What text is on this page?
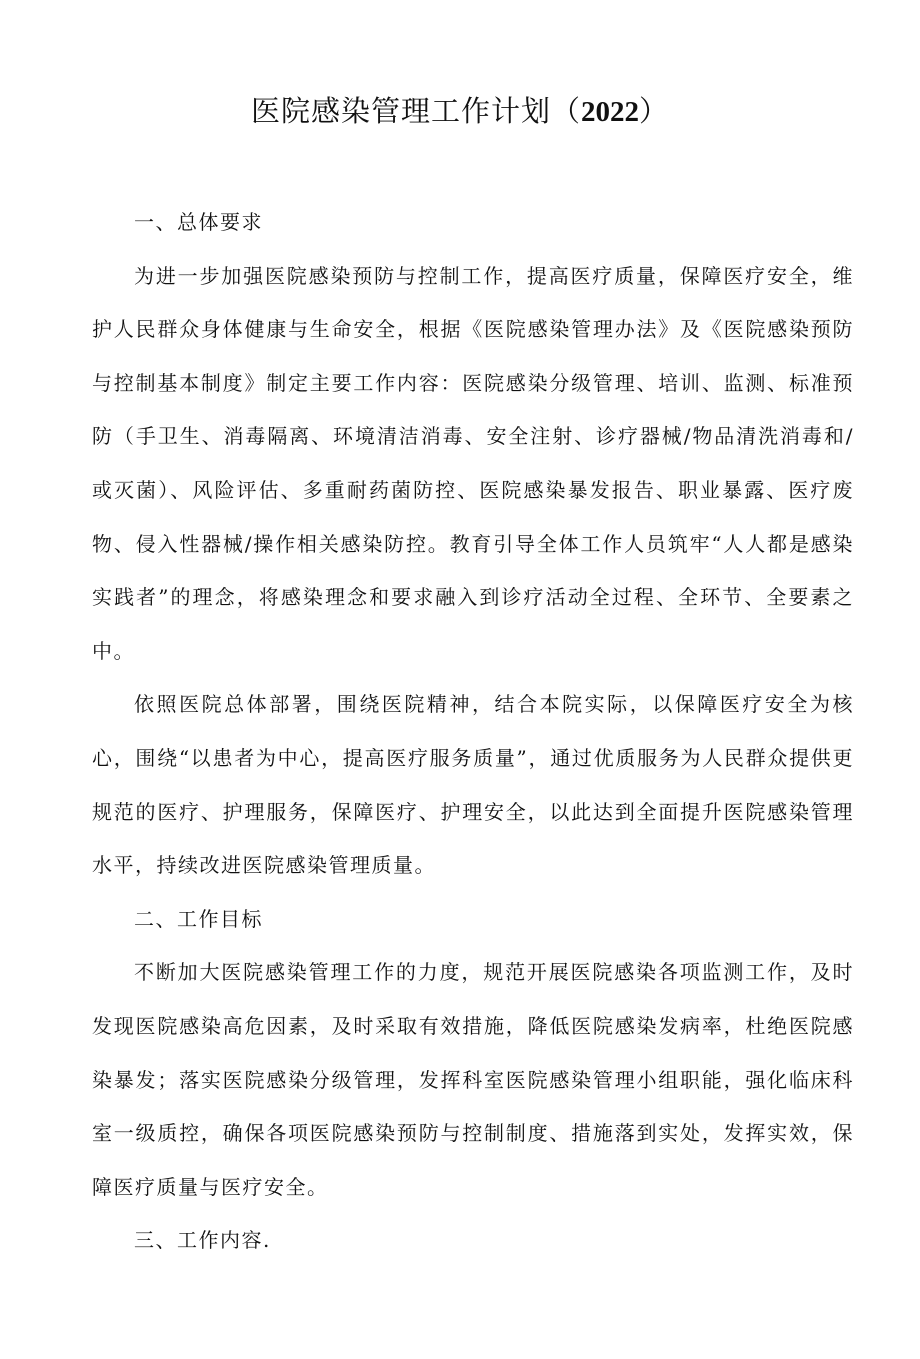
医院感染管理工作计划（2022）

一、总体要求

为进一步加强医院感染预防与控制工作，提高医疗质量，保障医疗安全，维护人民群众身体健康与生命安全，根据《医院感染管理办法》及《医院感染预防与控制基本制度》制定主要工作内容：医院感染分级管理、培训、监测、标准预防（手卫生、消毒隔离、环境清洁消毒、安全注射、诊疗器械/物品清洗消毒和/或灭菌）、风险评估、多重耐药菌防控、医院感染暴发报告、职业暴露、医疗废物、侵入性器械/操作相关感染防控。教育引导全体工作人员筑牢“人人都是感染实践者”的理念，将感染理念和要求融入到诊疗活动全过程、全环节、全要素之中。

依照医院总体部署，围绕医院精神，结合本院实际，以保障医疗安全为核心，围绕“以患者为中心，提高医疗服务质量”，通过优质服务为人民群众提供更规范的医疗、护理服务，保障医疗、护理安全，以此达到全面提升医院感染管理水平，持续改进医院感染管理质量。

二、工作目标

不断加大医院感染管理工作的力度，规范开展医院感染各项监测工作，及时发现医院感染高危因素，及时采取有效措施，降低医院感染发病率，杜绝医院感染暴发；落实医院感染分级管理，发挥科室医院感染管理小组职能，强化临床科室一级质控，确保各项医院感染预防与控制制度、措施落到实处，发挥实效，保障医疗质量与医疗安全。

三、工作内容.
